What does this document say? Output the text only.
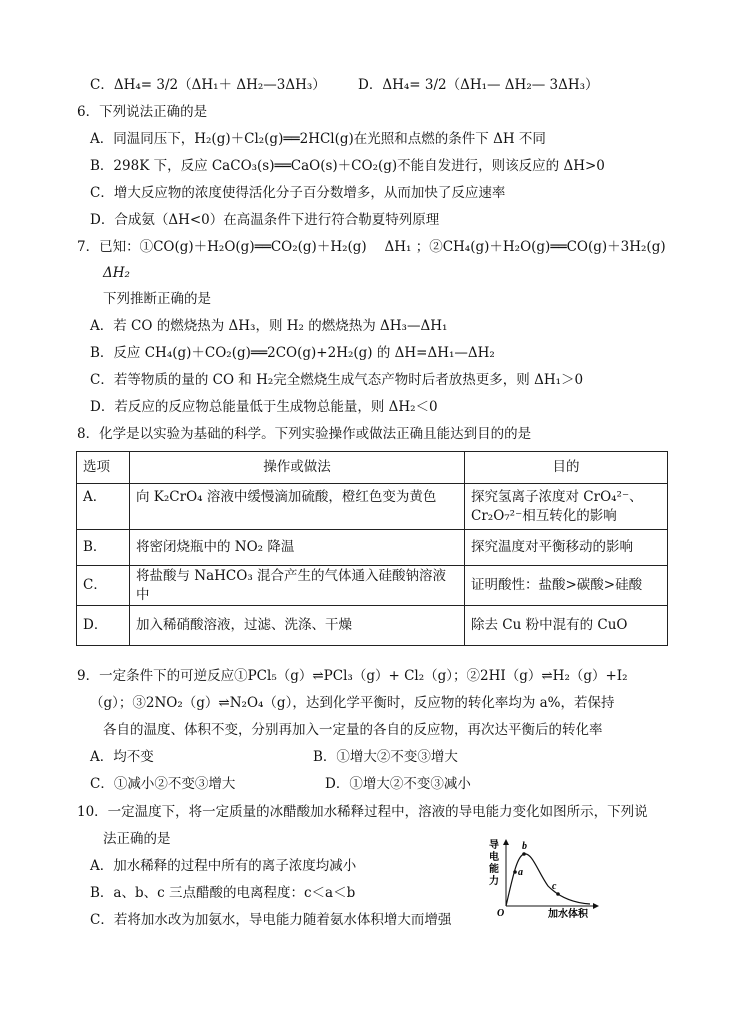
C．ΔH₄= 3/2（ΔH₁＋ ΔH₂—3ΔH₃） D．ΔH₄= 3/2（ΔH₁— ΔH₂— 3ΔH₃）
6．下列说法正确的是
A．同温同压下，H₂(g)＋Cl₂(g)══2HCl(g)在光照和点燃的条件下 ΔH 不同
B．298K 下，反应 CaCO₃(s)══CaO(s)＋CO₂(g)不能自发进行，则该反应的 ΔH>0
C．增大反应物的浓度使得活化分子百分数增多，从而加快了反应速率
D．合成氨（ΔH<0）在高温条件下进行符合勒夏特列原理
7．已知：①CO(g)＋H₂O(g)══CO₂(g)＋H₂(g)　 ΔH₁ ；②CH₄(g)＋H₂O(g)══CO(g)＋3H₂(g)
ΔH₂
下列推断正确的是
A．若 CO 的燃烧热为 ΔH₃，则 H₂ 的燃烧热为 ΔH₃—ΔH₁
B．反应 CH₄(g)＋CO₂(g)══2CO(g)+2H₂(g) 的 ΔH=ΔH₁—ΔH₂
C．若等物质的量的 CO 和 H₂完全燃烧生成气态产物时后者放热更多，则 ΔH₁＞0
D．若反应的反应物总能量低于生成物总能量，则 ΔH₂＜0
8．化学是以实验为基础的科学。下列实验操作或做法正确且能达到目的的是
选项	操作或做法	目的
A．	向 K₂CrO₄ 溶液中缓慢滴加硫酸，橙红色变为黄色	探究氢离子浓度对 CrO₄²⁻、
Cr₂O₇²⁻相互转化的影响

B．	将密闭烧瓶中的 NO₂ 降温	探究温度对平衡移动的影响
C．	将盐酸与 NaHCO₃ 混合产生的气体通入硅酸钠溶液中	证明酸性：盐酸>碳酸>硅酸
D．	加入稀硝酸溶液，过滤、洗涤、干燥	除去 Cu 粉中混有的 CuO
9．一定条件下的可逆反应①PCl₅（g）⇌PCl₃（g）+ Cl₂（g）；②2HI（g）⇌H₂（g）+I₂
（g）；③2NO₂（g）⇌N₂O₄（g），达到化学平衡时，反应物的转化率均为 a%，若保持
各自的温度、体积不变，分别再加入一定量的各自的反应物，再次达平衡后的转化率
A．均不变	B．①增大②不变③增大
C．①减小②不变③增大	D．①增大②不变③减小
10．一定温度下，将一定质量的冰醋酸加水稀释过程中，溶液的导电能力变化如图所示，下列说
法正确的是
A．加水稀释的过程中所有的离子浓度均减小
B．a、b、c 三点醋酸的电离程度：c＜a＜b
C．若将加水改为加氨水，导电能力随着氨水体积增大而增强
a
b
c
O	加水体积
导
电
能
力
